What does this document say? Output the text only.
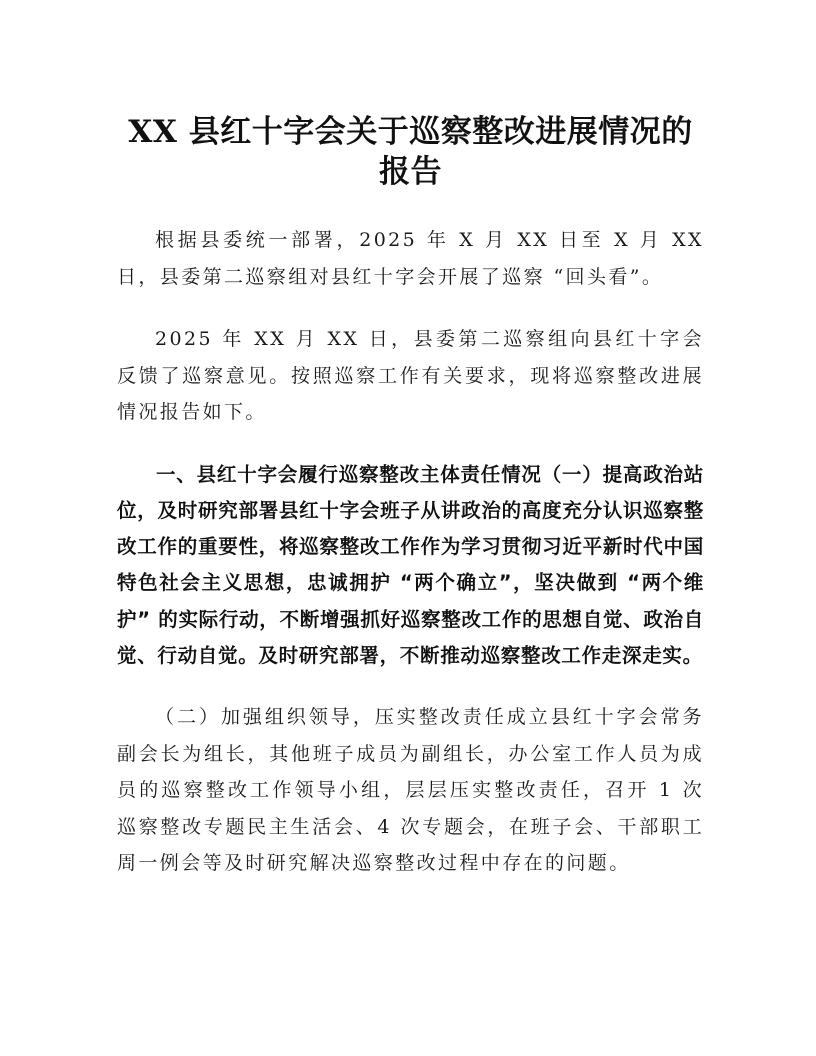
XX 县红十字会关于巡察整改进展情况的报告

根据县委统一部署，2025 年 X 月 XX 日至 X 月 XX 日，县委第二巡察组对县红十字会开展了巡察 “回头看”。

2025 年 XX 月 XX 日，县委第二巡察组向县红十字会反馈了巡察意见。按照巡察工作有关要求，现将巡察整改进展情况报告如下。

一、县红十字会履行巡察整改主体责任情况（一）提高政治站位，及时研究部署县红十字会班子从讲政治的高度充分认识巡察整改工作的重要性，将巡察整改工作作为学习贯彻习近平新时代中国特色社会主义思想，忠诚拥护 “两个确立”，坚决做到 “两个维护” 的实际行动，不断增强抓好巡察整改工作的思想自觉、政治自觉、行动自觉。及时研究部署，不断推动巡察整改工作走深走实。

（二）加强组织领导，压实整改责任成立县红十字会常务副会长为组长，其他班子成员为副组长，办公室工作人员为成员的巡察整改工作领导小组，层层压实整改责任，召开 1 次巡察整改专题民主生活会、4 次专题会，在班子会、干部职工周一例会等及时研究解决巡察整改过程中存在的问题。
